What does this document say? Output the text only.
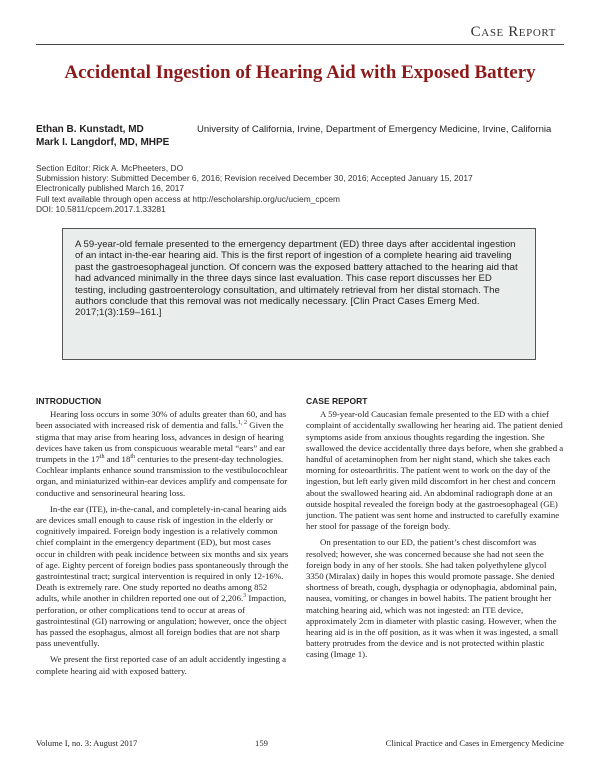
Case Report
Accidental Ingestion of Hearing Aid with Exposed Battery
Ethan B. Kunstadt, MD
Mark I. Langdorf, MD, MHPE
University of California, Irvine, Department of Emergency Medicine, Irvine, California
Section Editor: Rick A. McPheeters, DO
Submission history: Submitted December 6, 2016; Revision received December 30, 2016; Accepted January 15, 2017
Electronically published March 16, 2017
Full text available through open access at http://escholarship.org/uc/uciem_cpcem
DOI: 10.5811/cpcem.2017.1.33281
A 59-year-old female presented to the emergency department (ED) three days after accidental ingestion of an intact in-the-ear hearing aid. This is the first report of ingestion of a complete hearing aid traveling past the gastroesophageal junction. Of concern was the exposed battery attached to the hearing aid that had advanced minimally in the three days since last evaluation. This case report discusses her ED testing, including gastroenterology consultation, and ultimately retrieval from her distal stomach. The authors conclude that this removal was not medically necessary. [Clin Pract Cases Emerg Med. 2017;1(3):159–161.]
INTRODUCTION

Hearing loss occurs in some 30% of adults greater than 60, and has been associated with increased risk of dementia and falls.$^{1, 2}$ Given the stigma that may arise from hearing loss, advances in design of hearing devices have taken us from conspicuous wearable metal “ears” and ear trumpets in the 17th and 18th centuries to the present-day technologies. Cochlear implants enhance sound transmission to the vestibulocochlear organ, and miniaturized within-ear devices amplify and compensate for conductive and sensorineural hearing loss.

In-the ear (ITE), in-the-canal, and completely-in-canal hearing aids are devices small enough to cause risk of ingestion in the elderly or cognitively impaired. Foreign body ingestion is a relatively common chief complaint in the emergency department (ED), but most cases occur in children with peak incidence between six months and six years of age. Eighty percent of foreign bodies pass spontaneously through the gastrointestinal tract; surgical intervention is required in only 12-16%. Death is extremely rare. One study reported no deaths among 852 adults, while another in children reported one out of 2,206.$^3$ Impaction, perforation, or other complications tend to occur at areas of gastrointestinal (GI) narrowing or angulation; however, once the object has passed the esophagus, almost all foreign bodies that are not sharp pass uneventfully.

We present the first reported case of an adult accidently ingesting a complete hearing aid with exposed battery.

CASE REPORT

A 59-year-old Caucasian female presented to the ED with a chief complaint of accidentally swallowing her hearing aid. The patient denied symptoms aside from anxious thoughts regarding the ingestion. She swallowed the device accidentally three days before, when she grabbed a handful of acetaminophen from her night stand, which she takes each morning for osteoarthritis. The patient went to work on the day of the ingestion, but left early given mild discomfort in her chest and concern about the swallowed hearing aid. An abdominal radiograph done at an outside hospital revealed the foreign body at the gastroesophageal (GE) junction. The patient was sent home and instructed to carefully examine her stool for passage of the foreign body.

On presentation to our ED, the patient’s chest discomfort was resolved; however, she was concerned because she had not seen the foreign body in any of her stools. She had taken polyethylene glycol 3350 (Miralax) daily in hopes this would promote passage. She denied shortness of breath, cough, dysphagia or odynophagia, abdominal pain, nausea, vomiting, or changes in bowel habits. The patient brought her matching hearing aid, which was not ingested: an ITE device, approximately 2cm in diameter with plastic casing. However, when the hearing aid is in the off position, as it was when it was ingested, a small battery protrudes from the device and is not protected within plastic casing (Image 1).

Volume I, no. 3: August 2017	159	Clinical Practice and Cases in Emergency Medicine
